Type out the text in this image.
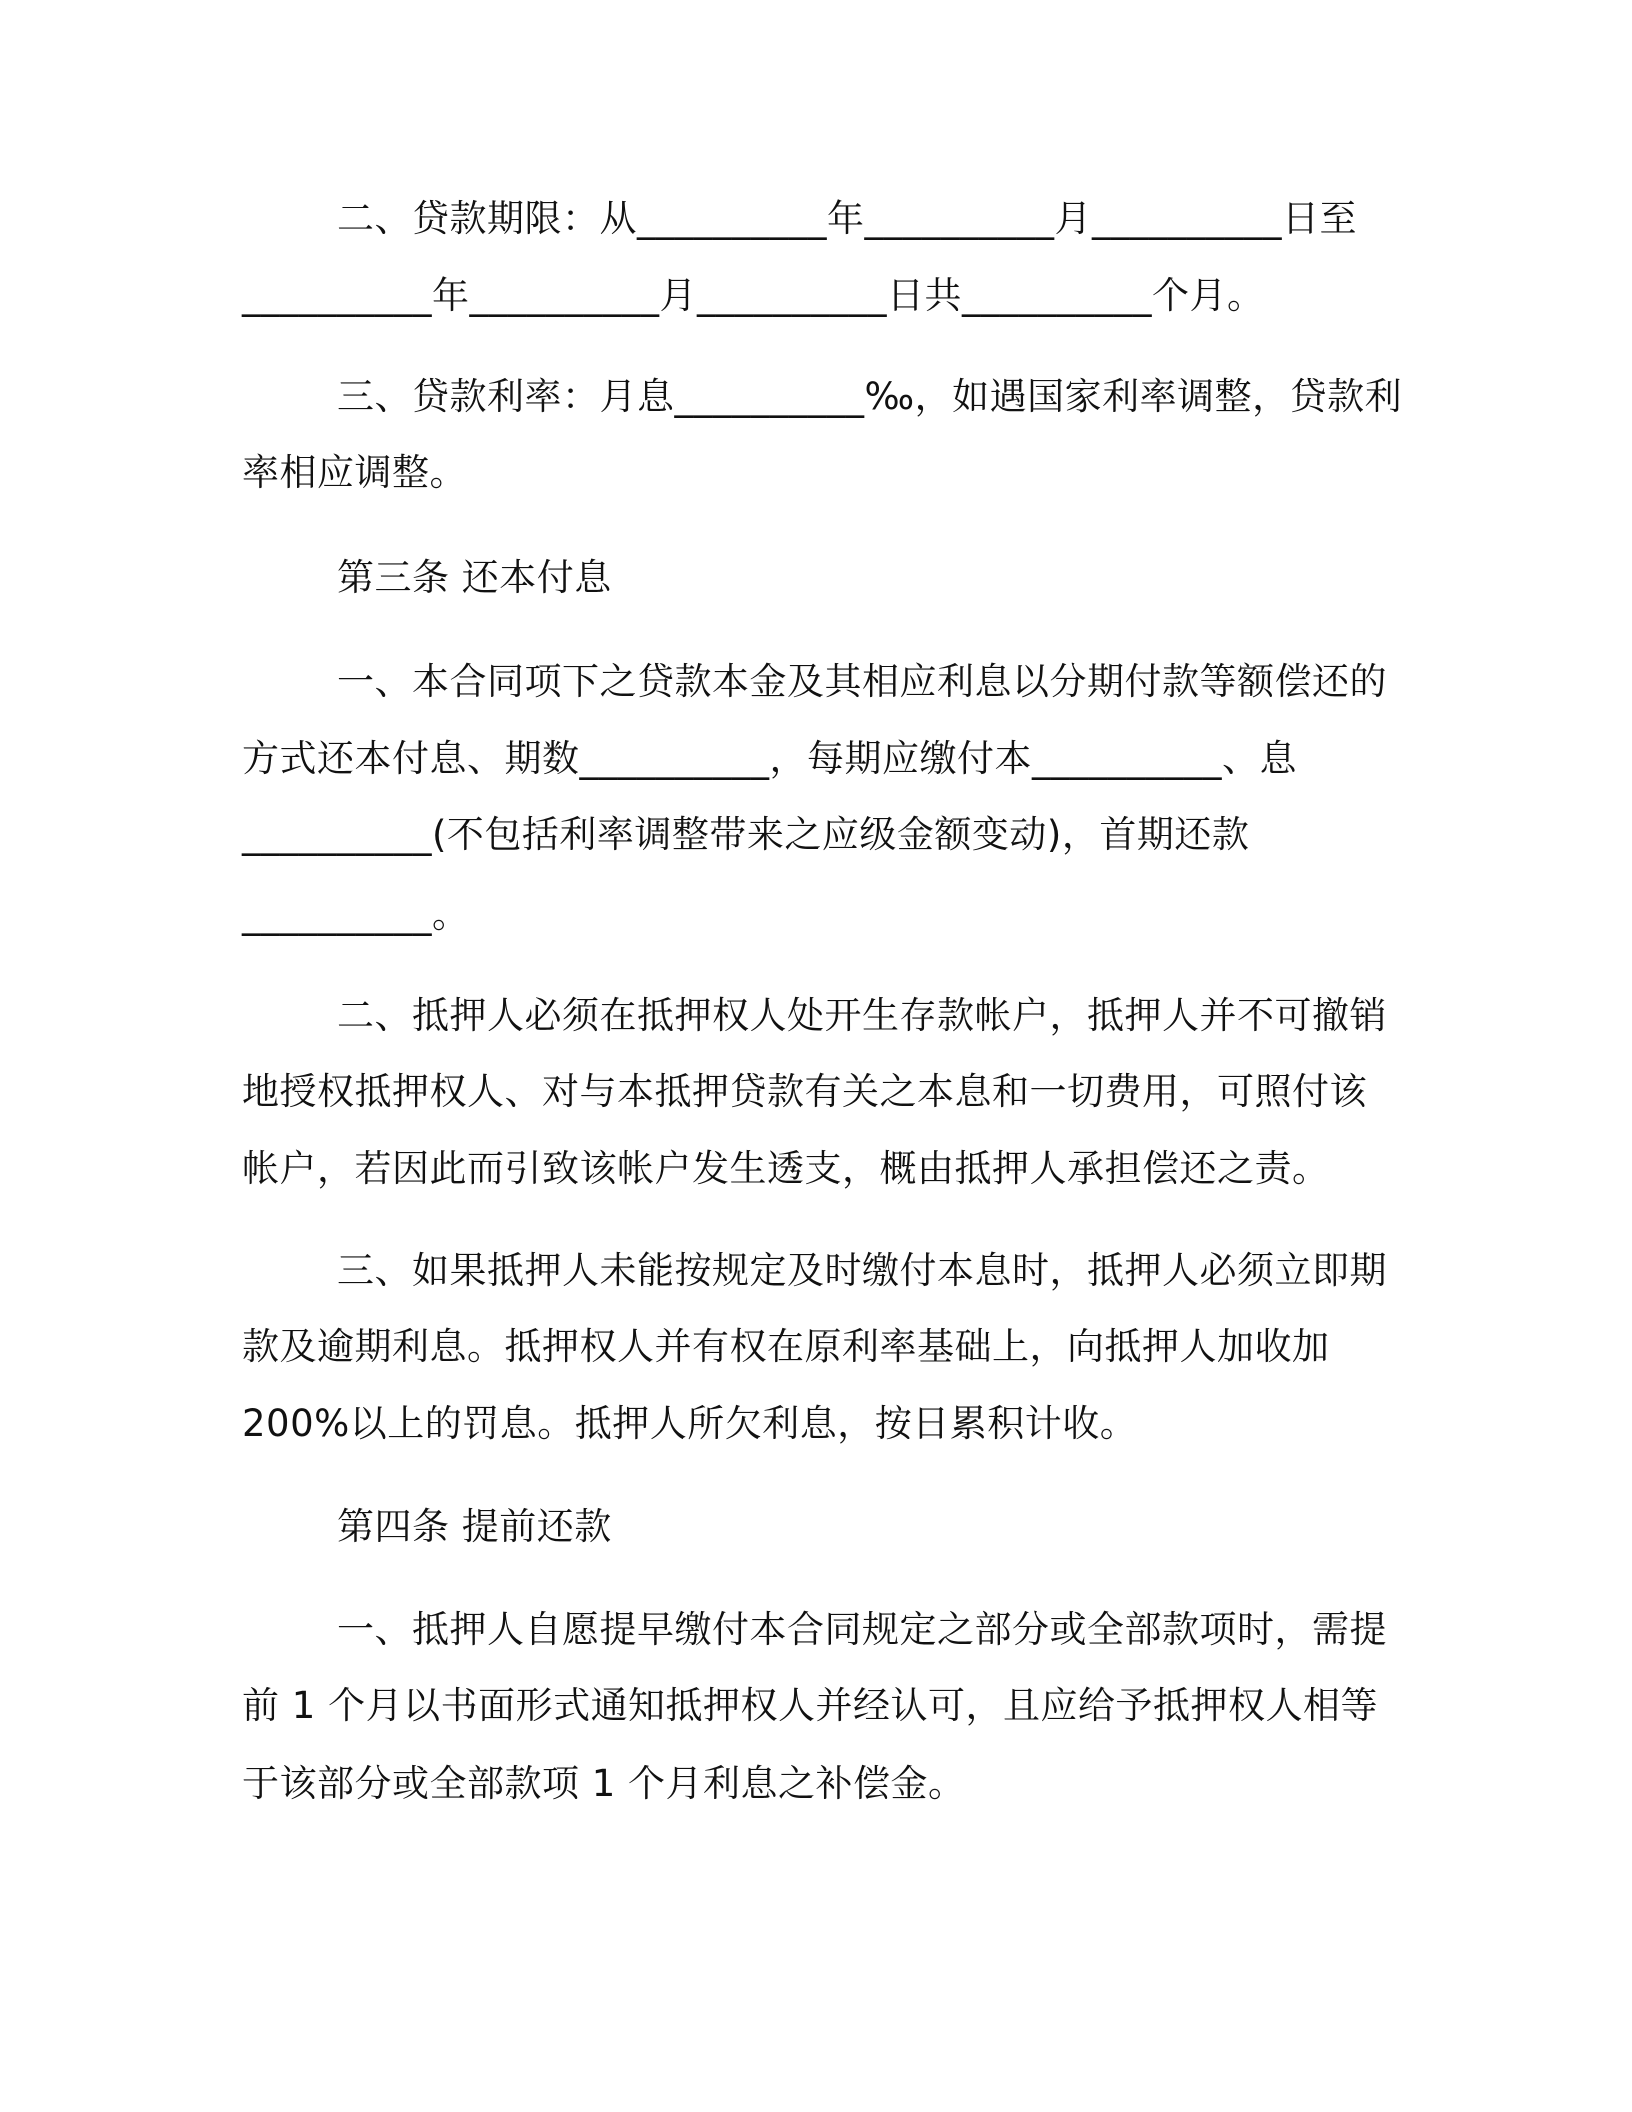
二、贷款期限：从__________年__________月__________日至
__________年__________月__________日共__________个月。
三、贷款利率：月息__________‰，如遇国家利率调整，贷款利
率相应调整。
第三条 还本付息
一、本合同项下之贷款本金及其相应利息以分期付款等额偿还的
方式还本付息、期数__________，每期应缴付本__________、息
__________(不包括利率调整带来之应级金额变动)，首期还款
__________。
二、抵押人必须在抵押权人处开生存款帐户，抵押人并不可撤销
地授权抵押权人、对与本抵押贷款有关之本息和一切费用，可照付该
帐户，若因此而引致该帐户发生透支，概由抵押人承担偿还之责。
三、如果抵押人未能按规定及时缴付本息时，抵押人必须立即期
款及逾期利息。抵押权人并有权在原利率基础上，向抵押人加收加
200%以上的罚息。抵押人所欠利息，按日累积计收。
第四条 提前还款
一、抵押人自愿提早缴付本合同规定之部分或全部款项时，需提
前 1 个月以书面形式通知抵押权人并经认可，且应给予抵押权人相等
于该部分或全部款项 1 个月利息之补偿金。
